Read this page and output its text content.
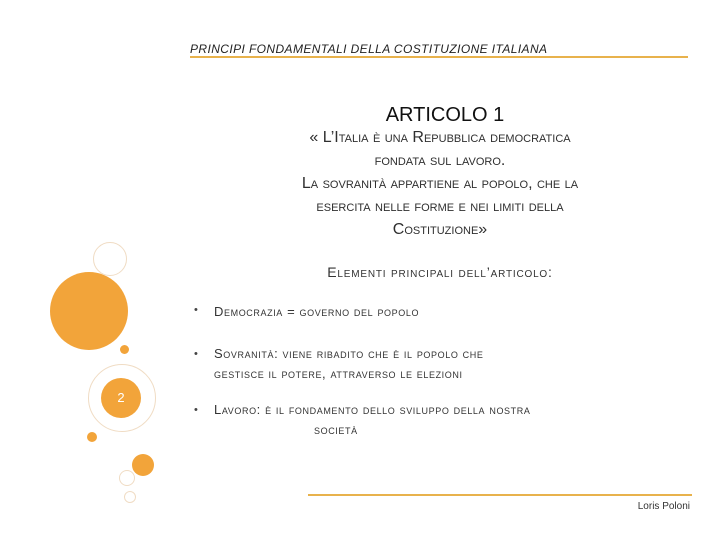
2
PRINCIPI FONDAMENTALI DELLA COSTITUZIONE ITALIANA
ARTICOLO 1
« L’Italia è una Repubblica democratica
fondata sul lavoro.
La sovranità appartiene al popolo, che la
esercita nelle forme e nei limiti della
Costituzione»
Elementi principali dell’articolo:
• Democrazia = governo del popolo
• Sovranità: viene ribadito che è il popolo che
gestisce il potere, attraverso le elezioni
• Lavoro: è il fondamento dello sviluppo della nostra
società
Loris Poloni
